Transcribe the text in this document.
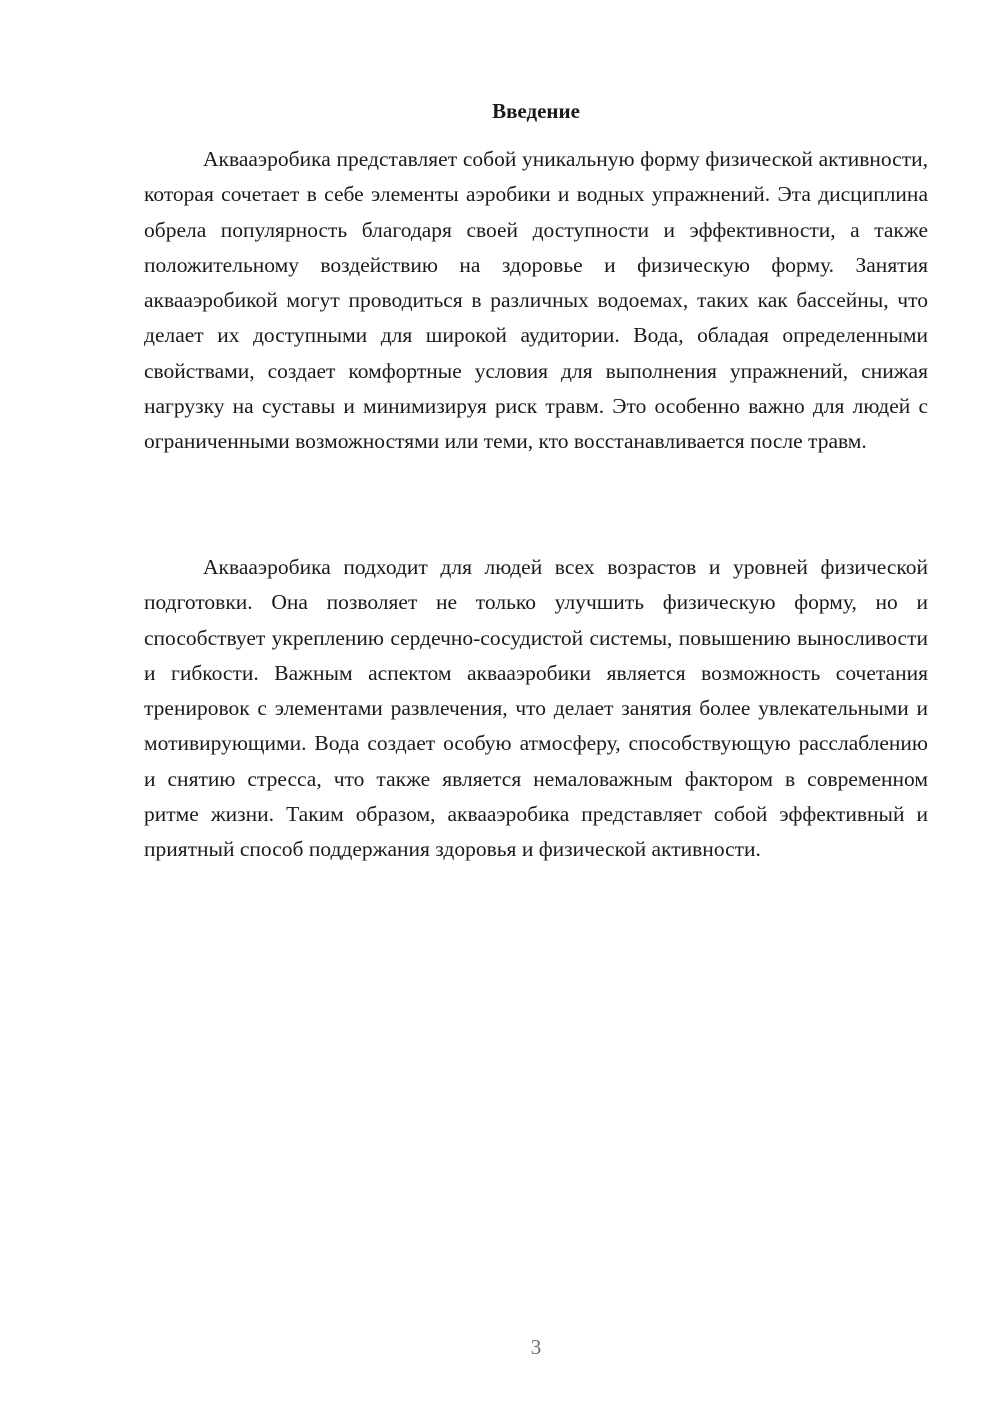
Введение

Аквааэробика представляет собой уникальную форму физической активности, которая сочетает в себе элементы аэробики и водных упражнений. Эта дисциплина обрела популярность благодаря своей доступности и эффективности, а также положительному воздействию на здоровье и физическую форму. Занятия аквааэробикой могут проводиться в различных водоемах, таких как бассейны, что делает их доступными для широкой аудитории. Вода, обладая определенными свойствами, создает комфортные условия для выполнения упражнений, снижая нагрузку на суставы и минимизируя риск травм. Это особенно важно для людей с ограниченными возможностями или теми, кто восстанавливается после травм.

Аквааэробика подходит для людей всех возрастов и уровней физической подготовки. Она позволяет не только улучшить физическую форму, но и способствует укреплению сердечно-сосудистой системы, повышению выносливости и гибкости. Важным аспектом аквааэробики является возможность сочетания тренировок с элементами развлечения, что делает занятия более увлекательными и мотивирующими. Вода создает особую атмосферу, способствующую расслаблению и снятию стресса, что также является немаловажным фактором в современном ритме жизни. Таким образом, аквааэробика представляет собой эффективный и приятный способ поддержания здоровья и физической активности.

3
